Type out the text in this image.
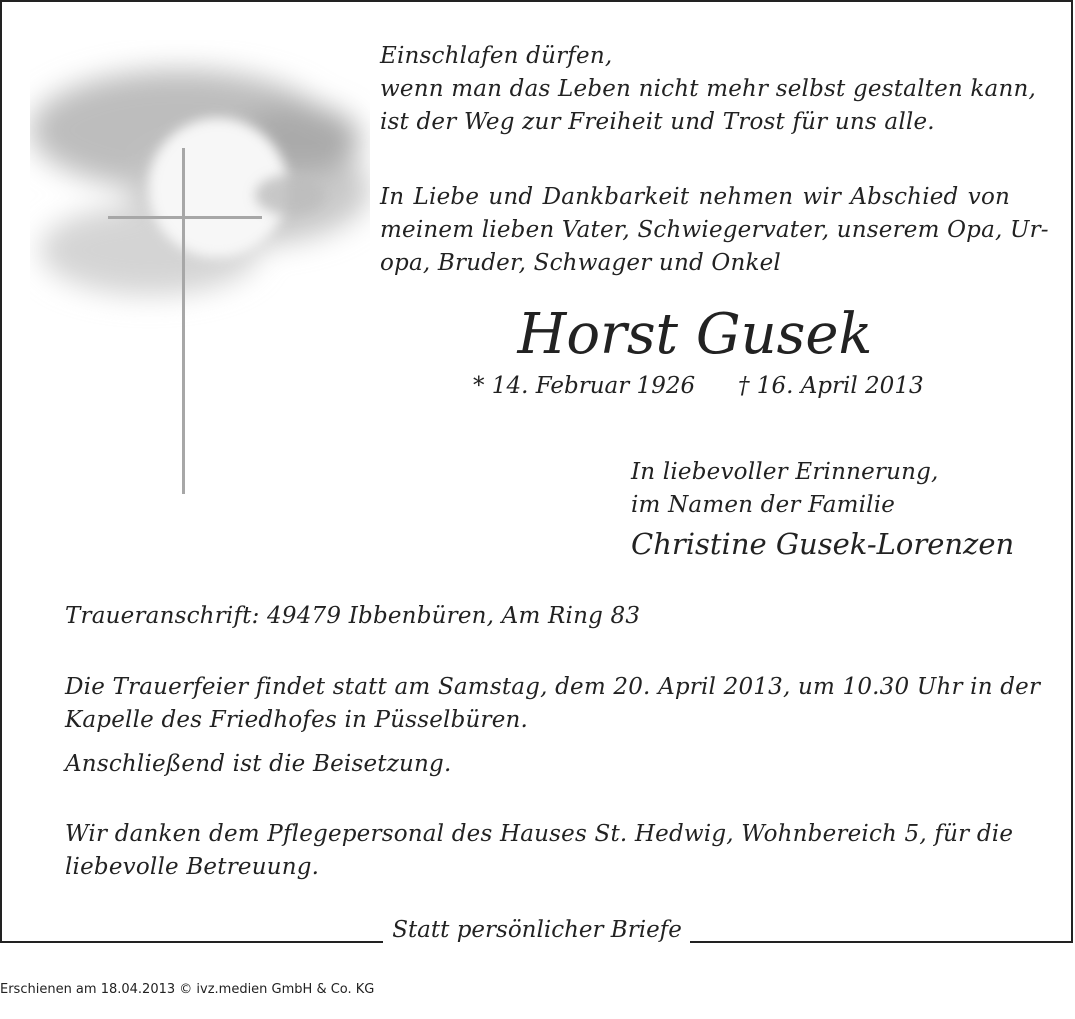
Statt persönlicher Briefe
Einschlafen dürfen,
wenn man das Leben nicht mehr selbst gestalten kann,
ist der Weg zur Freiheit und Trost für uns alle.
In Liebe und Dankbarkeit nehmen wir Abschied von
meinem lieben Vater, Schwiegervater, unserem Opa, Ur-
opa, Bruder, Schwager und Onkel
Horst Gusek
* 14. Februar 1926 † 16. April 2013
In liebevoller Erinnerung,
im Namen der Familie
Christine Gusek-Lorenzen
Traueranschrift: 49479 Ibbenbüren, Am Ring 83
Die Trauerfeier findet statt am Samstag, dem 20. April 2013, um 10.30 Uhr in der
Kapelle des Friedhofes in Püsselbüren.
Anschließend ist die Beisetzung.
Wir danken dem Pflegepersonal des Hauses St. Hedwig, Wohnbereich 5, für die
liebevolle Betreuung.
Erschienen am 18.04.2013 © ivz.medien GmbH & Co. KG
